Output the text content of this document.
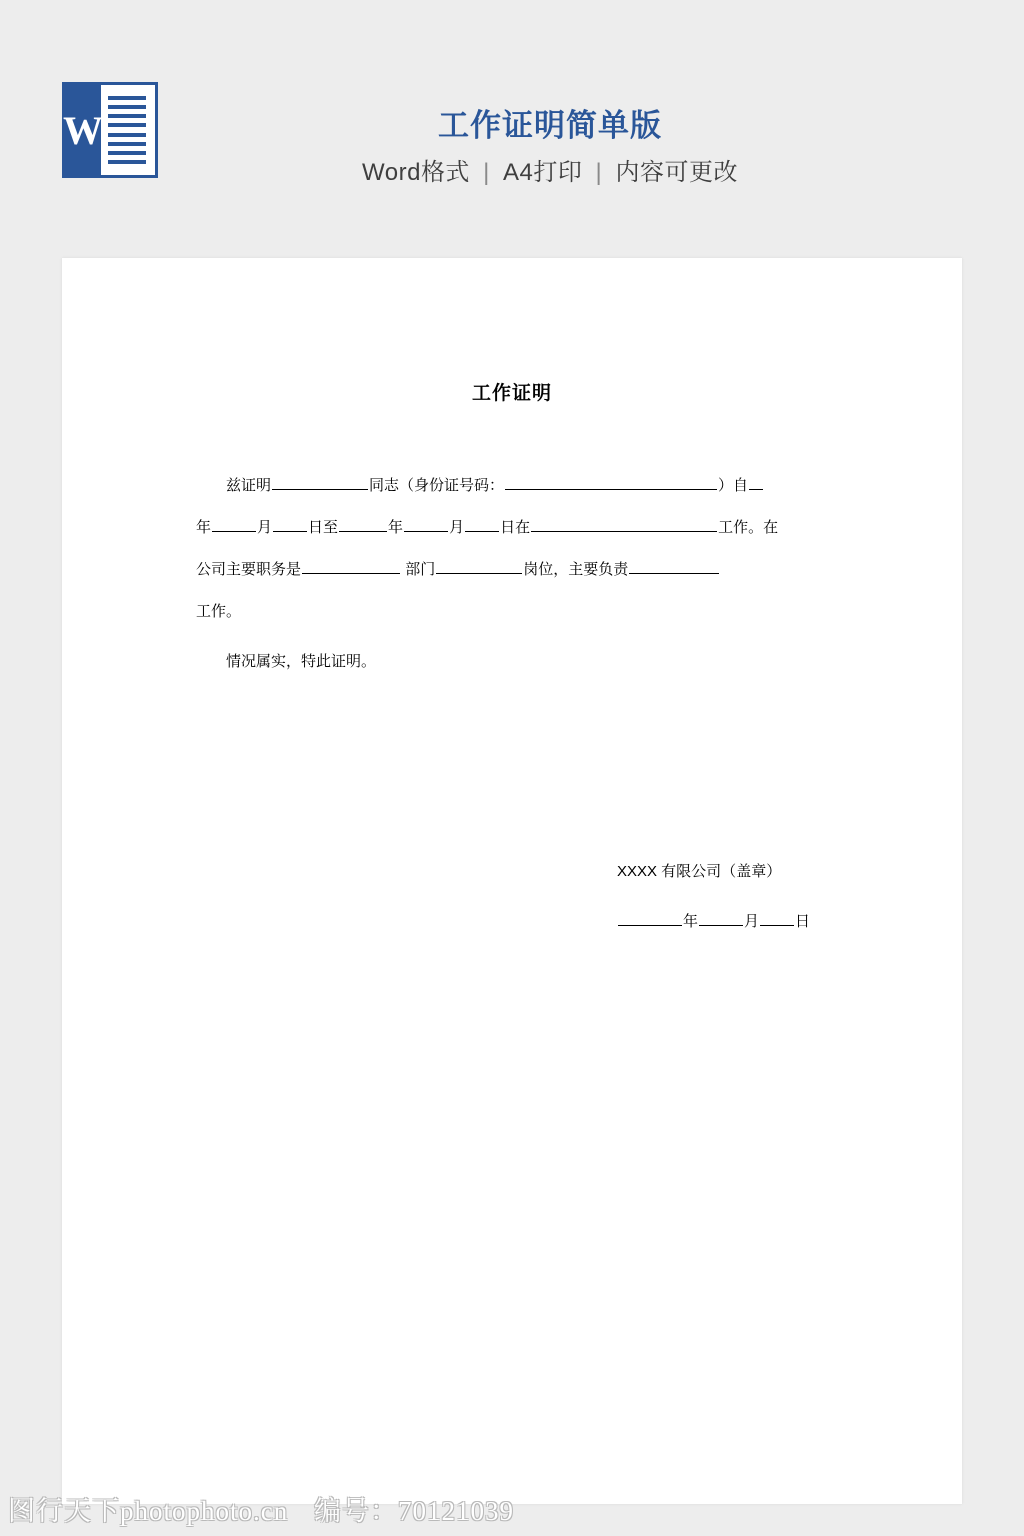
W	工作证明简单版
Word格式 | A4打印 | 内容可更改
工作证明

兹证明	同志（身份证号码：	）自

年	月 日至	年	月 日在	工作。在

公司主要职务是	部门	岗位，主要负责

工作。

情况属实，特此证明。

XXXX 有限公司（盖章）
年	月 日
图行天下photophoto.cn 编号：70121039
